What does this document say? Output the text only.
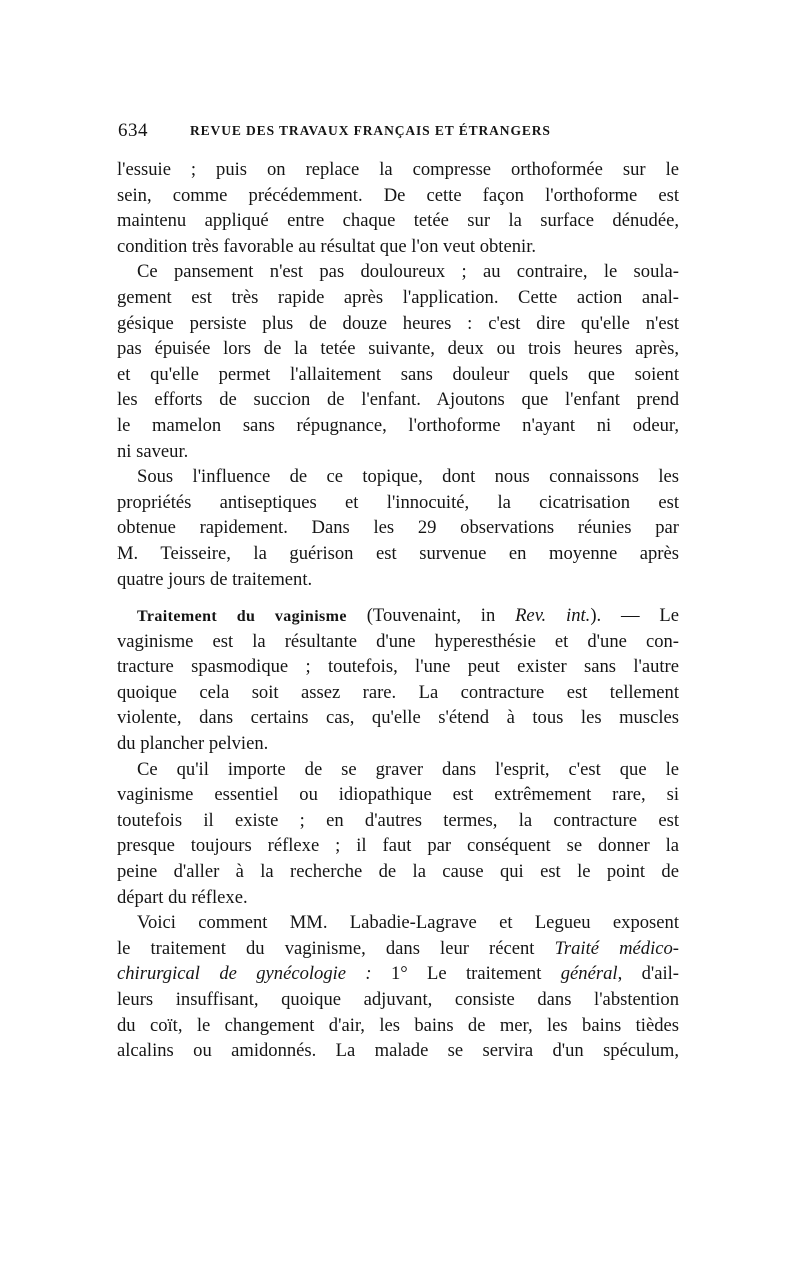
634	REVUE DES TRAVAUX FRANÇAIS ET ÉTRANGERS
l'essuie ; puis on replace la compresse orthoformée sur le
sein, comme précédemment. De cette façon l'orthoforme est
maintenu appliqué entre chaque tetée sur la surface dénudée,
condition très favorable au résultat que l'on veut obtenir.
Ce pansement n'est pas douloureux ; au contraire, le soula-
gement est très rapide après l'application. Cette action anal-
gésique persiste plus de douze heures : c'est dire qu'elle n'est
pas épuisée lors de la tetée suivante, deux ou trois heures après,
et qu'elle permet l'allaitement sans douleur quels que soient
les efforts de succion de l'enfant. Ajoutons que l'enfant prend
le mamelon sans répugnance, l'orthoforme n'ayant ni odeur,
ni saveur.
Sous l'influence de ce topique, dont nous connaissons les
propriétés antiseptiques et l'innocuité, la cicatrisation est
obtenue rapidement. Dans les 29 observations réunies par
M. Teisseire, la guérison est survenue en moyenne après
quatre jours de traitement.
Traitement du vaginisme (Touvenaint, in Rev. int.). — Le
vaginisme est la résultante d'une hyperesthésie et d'une con-
tracture spasmodique ; toutefois, l'une peut exister sans l'autre
quoique cela soit assez rare. La contracture est tellement
violente, dans certains cas, qu'elle s'étend à tous les muscles
du plancher pelvien.
Ce qu'il importe de se graver dans l'esprit, c'est que le
vaginisme essentiel ou idiopathique est extrêmement rare, si
toutefois il existe ; en d'autres termes, la contracture est
presque toujours réflexe ; il faut par conséquent se donner la
peine d'aller à la recherche de la cause qui est le point de
départ du réflexe.
Voici comment MM. Labadie-Lagrave et Legueu exposent
le traitement du vaginisme, dans leur récent Traité médico-
chirurgical de gynécologie : 1° Le traitement général, d'ail-
leurs insuffisant, quoique adjuvant, consiste dans l'abstention
du coït, le changement d'air, les bains de mer, les bains tièdes
alcalins ou amidonnés. La malade se servira d'un spéculum,
